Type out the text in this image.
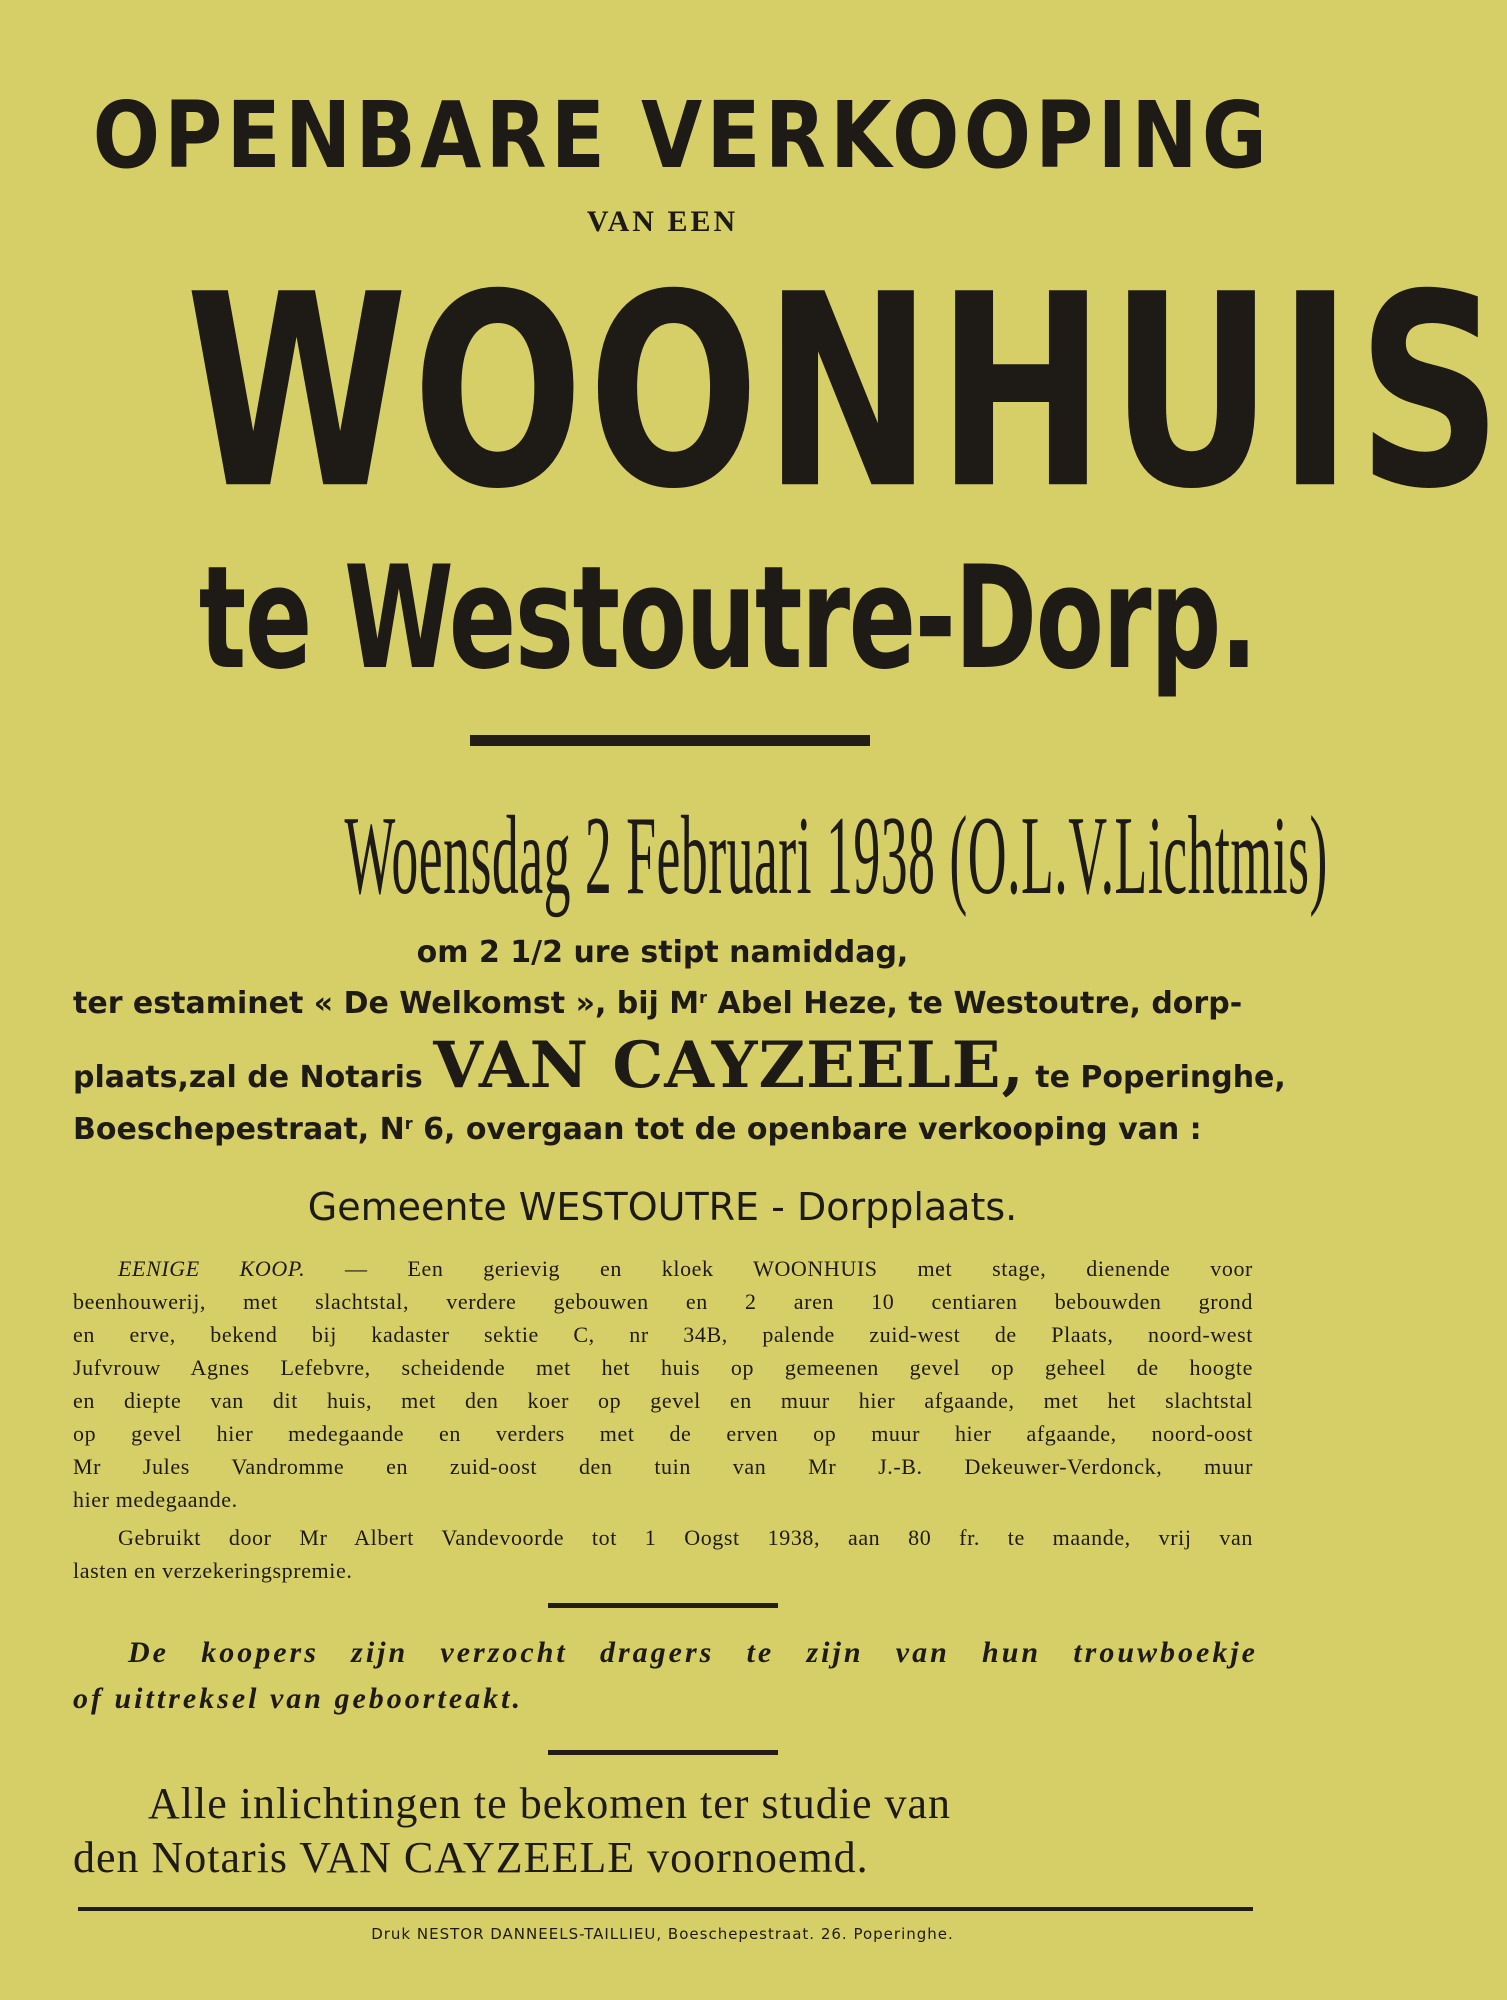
OPENBARE VERKOOPING
VAN EEN
WOONHUIS
te Westoutre-Dorp.
Woensdag 2 Februari 1938 (O.L.V.Lichtmis)
om 2 1/2 ure stipt namiddag,
ter estaminet « De Welkomst », bij $M^r$ Abel Heze, te Westoutre, dorp-
plaats,zal de Notaris VAN CAYZEELE, te Poperinghe,
Boeschepestraat, $N^r$ 6, overgaan tot de openbare verkooping van :
Gemeente WESTOUTRE - Dorpplaats.
EENIGE KOOP. — Een gerievig en kloek WOONHUIS met stage, dienende voor
beenhouwerij, met slachtstal, verdere gebouwen en 2 aren 10 centiaren bebouwden grond
en erve, bekend bij kadaster sektie C, nr 34B, palende zuid-west de Plaats, noord-west
Jufvrouw Agnes Lefebvre, scheidende met het huis op gemeenen gevel op geheel de hoogte
en diepte van dit huis, met den koer op gevel en muur hier afgaande, met het slachtstal
op gevel hier medegaande en verders met de erven op muur hier afgaande, noord-oost
Mr Jules Vandromme en zuid-oost den tuin van Mr J.-B. Dekeuwer-Verdonck, muur
hier medegaande.
Gebruikt door Mr Albert Vandevoorde tot 1 Oogst 1938, aan 80 fr. te maande, vrij van
lasten en verzekeringspremie.
De koopers zijn verzocht dragers te zijn van hun trouwboekje
of uittreksel van geboorteakt.
Alle inlichtingen te bekomen ter studie van
den Notaris VAN CAYZEELE voornoemd.
Druk NESTOR DANNEELS-TAILLIEU, Boeschepestraat. 26. Poperinghe.
